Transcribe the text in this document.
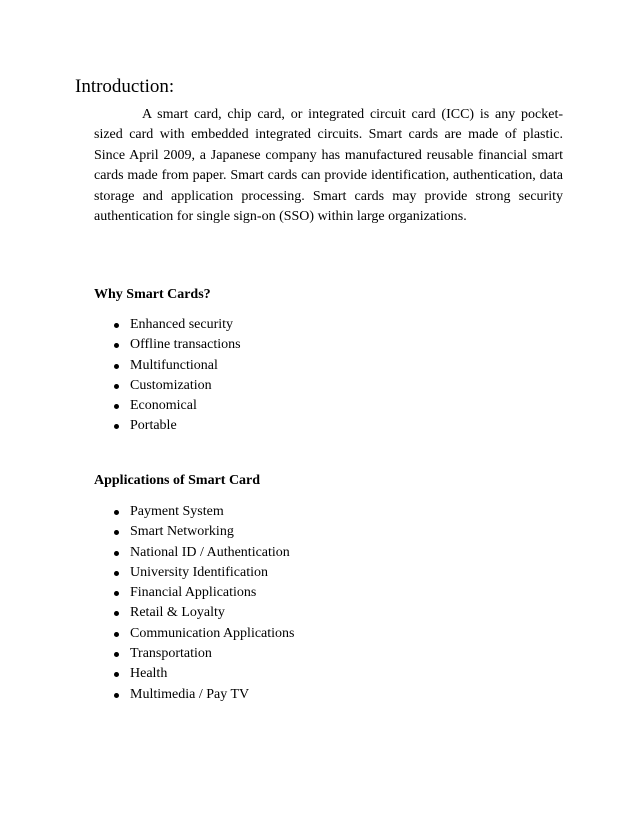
Introduction:

A smart card, chip card, or integrated circuit card (ICC) is any pocket-sized card with embedded integrated circuits. Smart cards are made of plastic. Since April 2009, a Japanese company has manufactured reusable financial smart cards made from paper. Smart cards can provide identification, authentication, data storage and application processing. Smart cards may provide strong security authentication for single sign-on (SSO) within large organizations.

Why Smart Cards?
Enhanced security
Offline transactions
Multifunctional
Customization
Economical
Portable
Applications of Smart Card
Payment System
Smart Networking
National ID / Authentication
University Identification
Financial Applications
Retail & Loyalty
Communication Applications
Transportation
Health
Multimedia / Pay TV
